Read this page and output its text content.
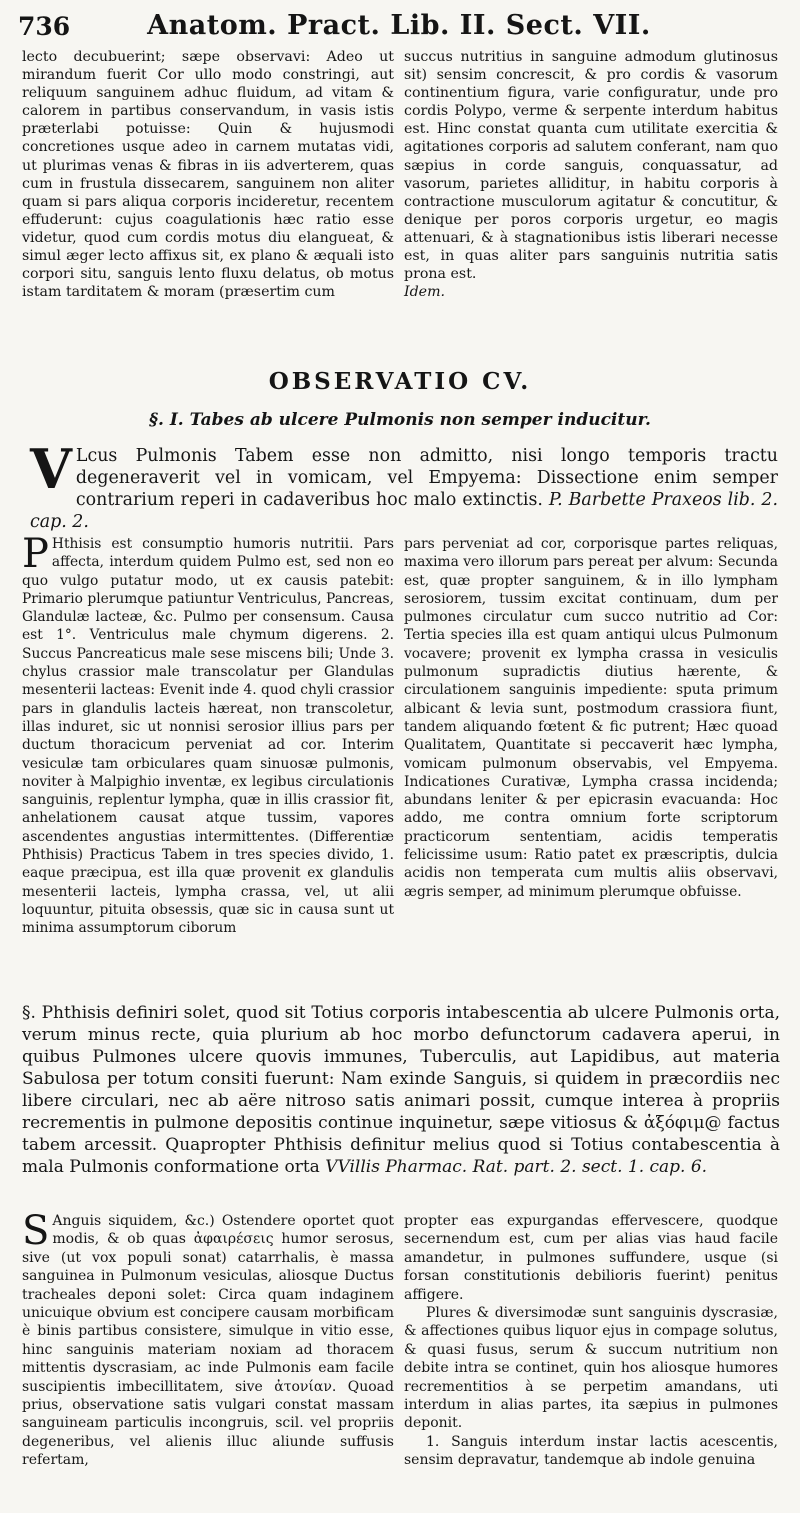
736	Anatom. Pract. Lib. II. Sect. VII.

lecto decubuerint; sæpe observavi: Adeo ut mirandum fuerit Cor ullo modo constringi, aut reliquum sanguinem adhuc fluidum, ad vitam & calorem in partibus conservandum, in vasis istis præterlabi potuisse: Quin & hujusmodi concretiones usque adeo in carnem mutatas vidi, ut plurimas venas & fibras in iis adverterem, quas cum in frustula dissecarem, sanguinem non aliter quam si pars aliqua corporis incideretur, recentem effuderunt: cujus coagulationis hæc ratio esse videtur, quod cum cordis motus diu elangueat, & simul æger lecto affixus sit, ex plano & æquali isto corpori situ, sanguis lento fluxu delatus, ob motus istam tarditatem & moram (præsertim cum

succus nutritius in sanguine admodum glutinosus sit) sensim concrescit, & pro cordis & vasorum continentium figura, varie configuratur, unde pro cordis Polypo, verme & serpente interdum habitus est. Hinc constat quanta cum utilitate exercitia & agitationes corporis ad salutem conferant, nam quo sæpius in corde sanguis, conquassatur, ad vasorum, parietes allidituṛ, in habitu corporis à contractione musculorum agitatur & concutitur, & denique per poros corporis urgetur, eo magis attenuari, & à stagnationibus istis liberari necesse est, in quas aliter pars sanguinis nutritia satis prona est.

Idem.
OBSERVATIO CV.
§. I. Tabes ab ulcere Pulmonis non semper inducitur.
V Lcus Pulmonis Tabem esse non admitto, nisi longo temporis tractu degeneraverit vel in vomicam, vel Empyema: Dissectione enim semper contrarium reperi in cadaveribus hoc malo extinctis. P. Barbette Praxeos lib. 2. cap. 2.
P Hthisis est consumptio humoris nutritii. Pars affecta, interdum quidem Pulmo est, sed non eo quo vulgo putatur modo, ut ex causis patebit: Primario plerumque patiuntur Ventriculus, Pancreas, Glandulæ lacteæ, &c. Pulmo per consensum. Causa est 1°. Ventriculus male chymum digerens. 2. Succus Pancreaticus male sese miscens bili; Unde 3. chylus crassior male transcolatur per Glandulas mesenterii lacteas: Evenit inde 4. quod chyli crassior pars in glandulis lacteis hæreat, non transcoletur, illas induret, sic ut nonnisi serosior illius pars per ductum thoracicum perveniat ad cor. Interim vesiculæ tam orbiculares quam sinuosæ pulmonis, noviter à Malpighio inventæ, ex legibus circulationis sanguinis, replentur lympha, quæ in illis crassior fit, anhelationem causat atque tussim, vapores ascendentes angustias intermittentes. (Differentiæ Phthisis) Practicus Tabem in tres species divido, 1. eaque præcipua, est illa quæ provenit ex glandulis mesenterii lacteis, lympha crassa, vel, ut alii loquuntur, pituita obsessis, quæ sic in causa sunt ut minima assumptorum ciborum

pars perveniat ad cor, corporisque partes reliquas, maxima vero illorum pars pereat per alvum: Secunda est, quæ propter sanguinem, & in illo lympham serosiorem, tussim excitat continuam, dum per pulmones circulatur cum succo nutritio ad Cor: Tertia species illa est quam antiqui ulcus Pulmonum vocavere; provenit ex lympha crassa in vesiculis pulmonum supradictis diutius hærente, & circulationem sanguinis impediente: sputa primum albicant & levia sunt, postmodum crassiora fiunt, tandem aliquando fœtent & fic putrent; Hæc quoad Qualitatem, Quantitate si peccaverit hæc lympha, vomicam pulmonum observabis, vel Empyema. Indicationes Curativæ, Lympha crassa incidenda; abundans leniter & per epicrasin evacuanda: Hoc addo, me contra omnium forte scriptorum practicorum sententiam, acidis temperatis felicissime usum: Ratio patet ex præscriptis, dulcia acidis non temperata cum multis aliis observavi, ægris semper, ad minimum plerumque obfuisse.

§. Phthisis definiri solet, quod sit Totius corporis intabescentia ab ulcere Pulmonis orta, verum minus recte, quia plurium ab hoc morbo defunctorum cadavera aperui, in quibus Pulmones ulcere quovis immunes, Tuberculis, aut Lapidibus, aut materia Sabulosa per totum consiti fuerunt: Nam exinde Sanguis, si quidem in præcordiis nec libere circulari, nec ab aëre nitroso satis animari possit, cumque interea à propriis recrementis in pulmone depositis continue inquinetur, sæpe vitiosus & ἀξόφιμ@ factus tabem arcessit. Quapropter Phthisis definitur melius quod si Totius contabescentia à mala Pulmonis conformatione orta VVillis Pharmac. Rat. part. 2. sect. 1. cap. 6.
S Anguis siquidem, &c.) Ostendere oportet quot modis, & ob quas ἀφαιρέσεις humor serosus, sive (ut vox populi sonat) catarrhalis, è massa sanguinea in Pulmonum vesiculas, aliosque Ductus tracheales deponi solet: Circa quam indaginem unicuique obvium est concipere causam morbificam è binis partibus consistere, simulque in vitio esse, hinc sanguinis materiam noxiam ad thoracem mittentis dyscrasiam, ac inde Pulmonis eam facile suscipientis imbecillitatem, sive ἀτονίαν. Quoad prius, observatione satis vulgari constat massam sanguineam particulis incongruis, scil. vel propriis degeneribus, vel alienis illuc aliunde suffusis refertam,

propter eas expurgandas effervescere, quodque secernendum est, cum per alias vias haud facile amandetur, in pulmones suffundere, usque (si forsan constitutionis debilioris fuerint) penitus affigere.

Plures & diversimodæ sunt sanguinis dyscrasiæ, & affectiones quibus liquor ejus in compage solutus, & quasi fusus, serum & succum nutritium non debite intra se continet, quin hos aliosque humores recrementitios à se perpetim amandans, uti interdum in alias partes, ita sæpius in pulmones deponit.

1. Sanguis interdum instar lactis acescentis, sensim depravatur, tandemque ab indole genuina
